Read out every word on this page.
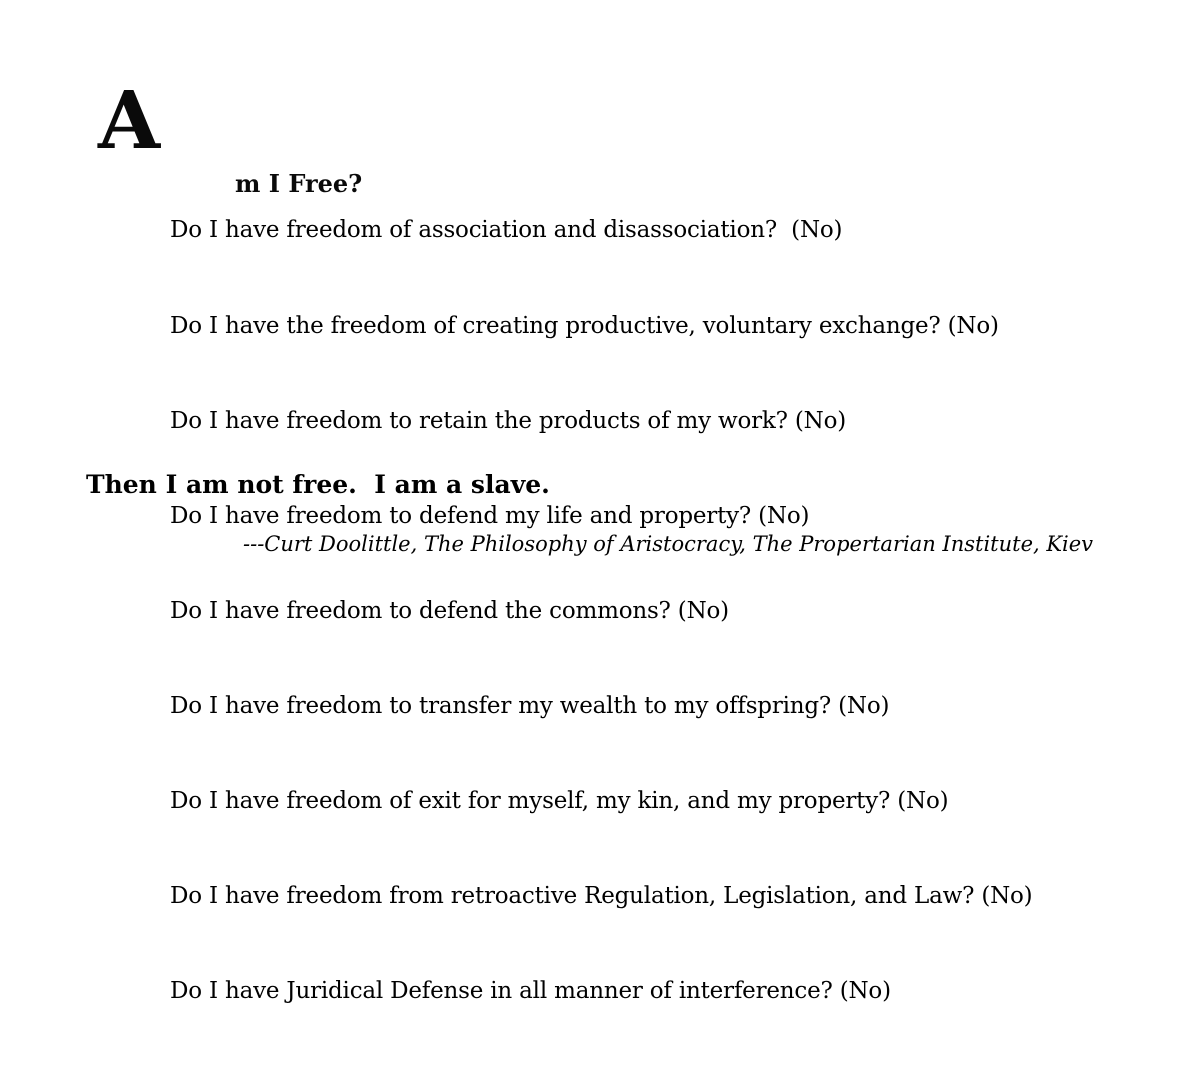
A
m I Free?

Do I have freedom of association and disassociation?  (No)

Do I have the freedom of creating productive, voluntary exchange? (No)

Do I have freedom to retain the products of my work? (No)

Do I have freedom to defend my life and property? (No)

Do I have freedom to defend the commons? (No)

Do I have freedom to transfer my wealth to my offspring? (No)

Do I have freedom of exit for myself, my kin, and my property? (No)

Do I have freedom from retroactive Regulation, Legislation, and Law? (No)

Do I have Juridical Defense in all manner of interference? (No)

Then I am not free.  I am a slave.
---Curt Doolittle, The Philosophy of Aristocracy, The Propertarian Institute, Kiev
